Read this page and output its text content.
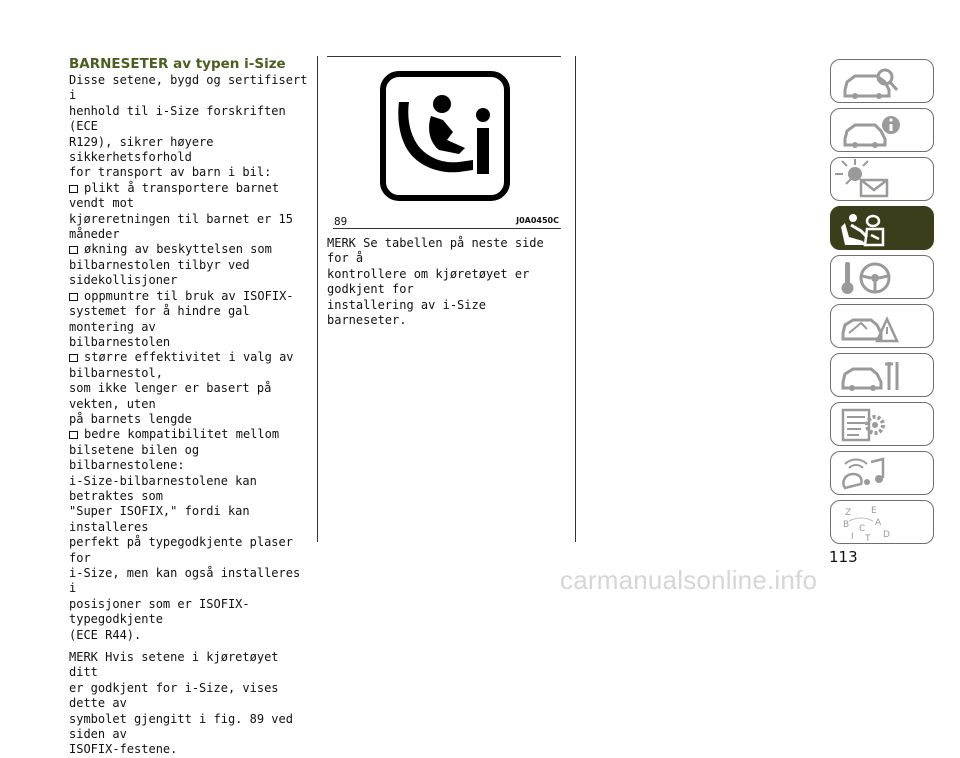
BARNESETER av typen i-Size
Disse setene, bygd og sertifisert i
henhold til i-Size forskriften (ECE
R129), sikrer høyere sikkerhetsforhold
for transport av barn i bil:
plikt å transportere barnet vendt mot
kjøreretningen til barnet er 15 måneder
økning av beskyttelsen som
bilbarnestolen tilbyr ved sidekollisjoner
oppmuntre til bruk av ISOFIX-
systemet for å hindre gal montering av
bilbarnestolen
større effektivitet i valg av bilbarnestol,
som ikke lenger er basert på vekten, uten
på barnets lengde
bedre kompatibilitet mellom
bilsetene bilen og bilbarnestolene:
i-Size-bilbarnestolene kan betraktes som
"Super ISOFIX," fordi kan installeres
perfekt på typegodkjente plaser for
i-Size, men kan også installeres i
posisjoner som er ISOFIX-typegodkjente
(ECE R44).
MERK Hvis setene i kjøretøyet ditt
er godkjent for i-Size, vises dette av
symbolet gjengitt i fig. 89 ved siden av
ISOFIX-festene.
89	J0A0450C
MERK Se tabellen på neste side for å
kontrollere om kjøretøyet er godkjent for
installering av i-Size barneseter.
Z E
B	A
I
C
T D
113
carmanualsonline.info
